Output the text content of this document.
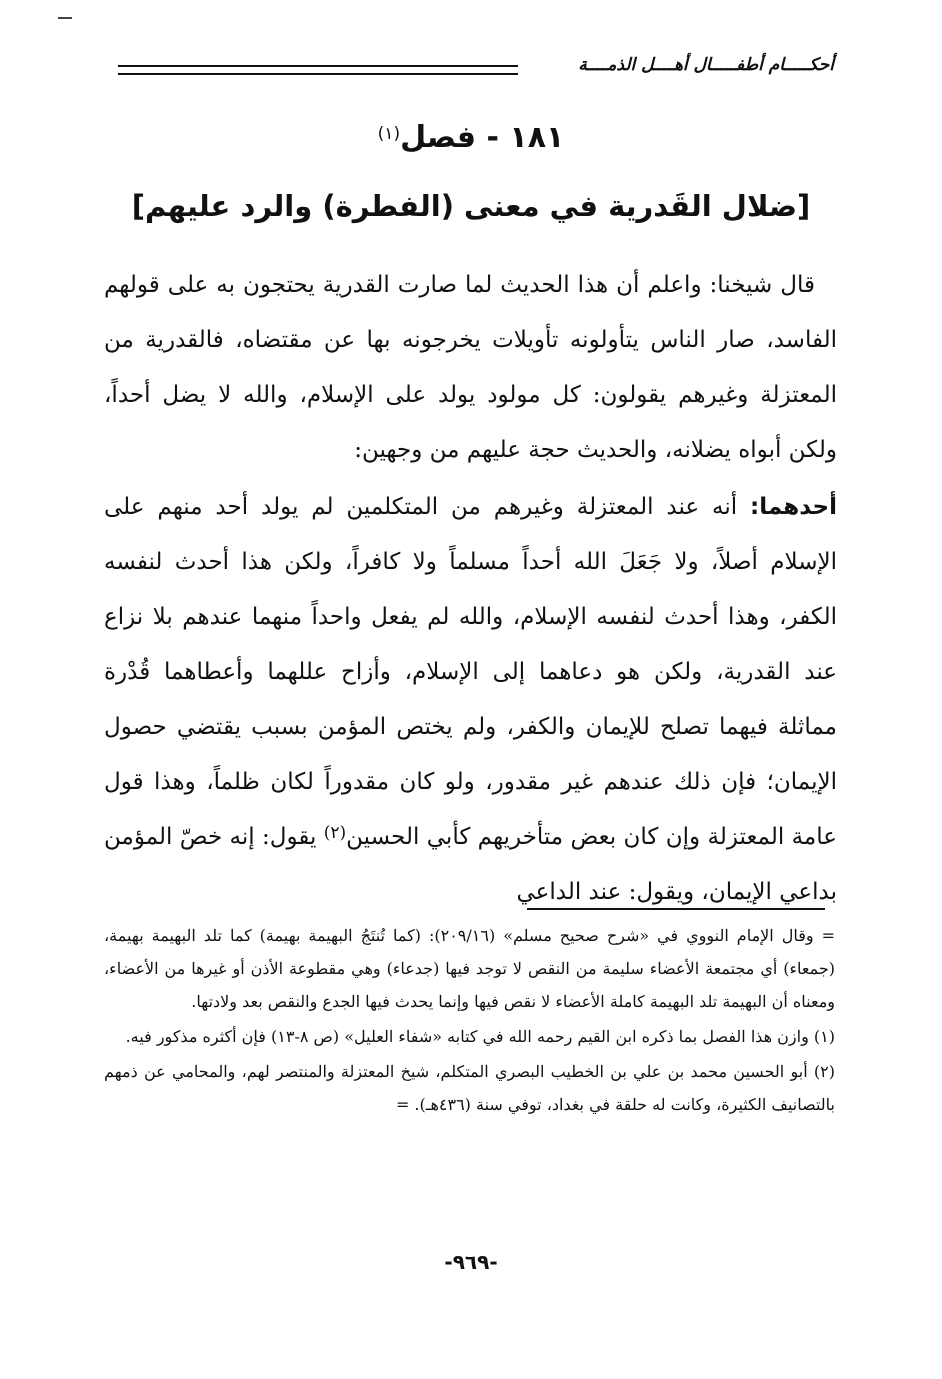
أحكـــــام أطفـــــال أهــــل الذمــــة
١٨١ - فصل$^{(١)}$
[ضلال القَدرية في معنى (الفطرة) والرد عليهم]

قال شيخنا: واعلم أن هذا الحديث لما صارت القدرية يحتجون به على قولهم الفاسد، صار الناس يتأولونه تأويلات يخرجونه بها عن مقتضاه، فالقدرية من المعتزلة وغيرهم يقولون: كل مولود يولد على الإسلام، والله لا يضل أحداً، ولكن أبواه يضلانه، والحديث حجة عليهم من وجهين:

أحدهما: أنه عند المعتزلة وغيرهم من المتكلمين لم يولد أحد منهم على الإسلام أصلاً، ولا جَعَلَ الله أحداً مسلماً ولا كافراً، ولكن هذا أحدث لنفسه الكفر، وهذا أحدث لنفسه الإسلام، والله لم يفعل واحداً منهما عندهم بلا نزاع عند القدرية، ولكن هو دعاهما إلى الإسلام، وأزاح عللهما وأعطاهما قُدْرة مماثلة فيهما تصلح للإيمان والكفر، ولم يختص المؤمن بسبب يقتضي حصول الإيمان؛ فإن ذلك عندهم غير مقدور، ولو كان مقدوراً لكان ظلماً، وهذا قول عامة المعتزلة وإن كان بعض متأخريهم كأبي الحسين$^{(٢)}$ يقول: إنه خصّ المؤمن بداعي الإيمان، ويقول: عند الداعي

= وقال الإمام النووي في «شرح صحيح مسلم» (٢٠٩/١٦): (كما تُنتَجُ البهيمة بهيمة) كما تلد البهيمة بهيمة، (جمعاء) أي مجتمعة الأعضاء سليمة من النقص لا توجد فيها (جدعاء) وهي مقطوعة الأذن أو غيرها من الأعضاء، ومعناه أن البهيمة تلد البهيمة كاملة الأعضاء لا نقص فيها وإنما يحدث فيها الجدع والنقص بعد ولادتها.

(١) وازن هذا الفصل بما ذكره ابن القيم رحمه الله في كتابه «شفاء العليل» (ص ٨-١٣) فإن أكثره مذكور فيه.

(٢) أبو الحسين محمد بن علي بن الخطيب البصري المتكلم، شيخ المعتزلة والمنتصر لهم، والمحامي عن ذمهم بالتصانيف الكثيرة، وكانت له حلقة في بغداد، توفي سنة (٤٣٦هـ). =

-٩٦٩-
